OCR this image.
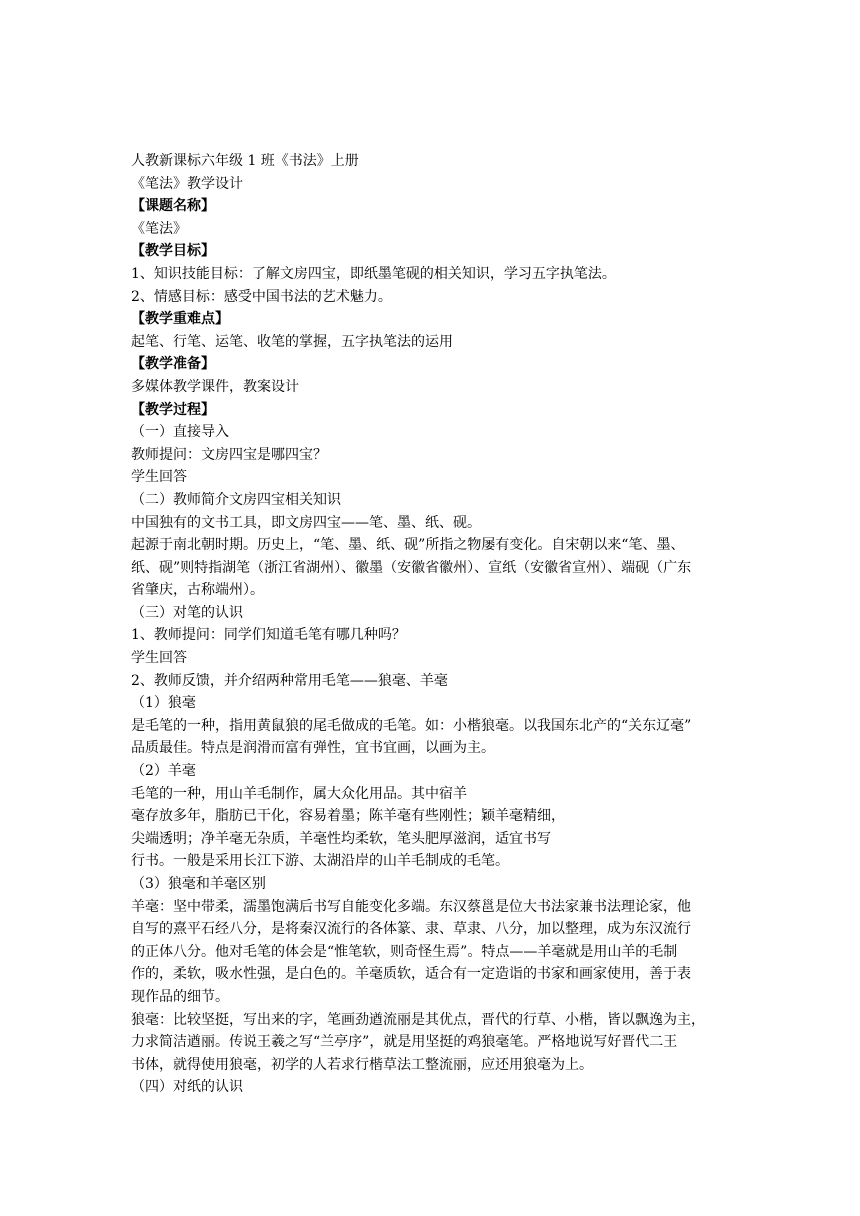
人教新课标六年级 1 班《书法》上册
《笔法》教学设计
【课题名称】
《笔法》
【教学目标】
1、知识技能目标：了解文房四宝，即纸墨笔砚的相关知识，学习五字执笔法。
2、情感目标：感受中国书法的艺术魅力。
【教学重难点】
起笔、行笔、运笔、收笔的掌握，五字执笔法的运用
【教学准备】
多媒体教学课件，教案设计
【教学过程】
（一）直接导入
教师提问：文房四宝是哪四宝？
学生回答
（二）教师简介文房四宝相关知识
中国独有的文书工具，即文房四宝——笔、墨、纸、砚。
起源于南北朝时期。历史上，“笔、墨、纸、砚”所指之物屡有变化。自宋朝以来“笔、墨、
纸、砚”则特指湖笔（浙江省湖州）、徽墨（安徽省徽州）、宣纸（安徽省宣州）、端砚（广东
省肇庆，古称端州）。
（三）对笔的认识
1、教师提问：同学们知道毛笔有哪几种吗？
学生回答
2、教师反馈，并介绍两种常用毛笔——狼毫、羊毫
（1）狼毫
是毛笔的一种，指用黄鼠狼的尾毛做成的毛笔。如：小楷狼毫。以我国东北产的“关东辽毫”
品质最佳。特点是润滑而富有弹性，宜书宜画，以画为主。
（2）羊毫
毛笔的一种，用山羊毛制作，属大众化用品。其中宿羊
毫存放多年，脂肪已干化，容易着墨；陈羊毫有些刚性；颖羊毫精细，
尖端透明；净羊毫无杂质，羊毫性均柔软，笔头肥厚滋润，适宜书写
行书。一般是采用长江下游、太湖沿岸的山羊毛制成的毛笔。
（3）狼毫和羊毫区别
羊毫：坚中带柔，濡墨饱满后书写自能变化多端。东汉蔡邕是位大书法家兼书法理论家，他
自写的熹平石经八分，是将秦汉流行的各体篆、隶、草隶、八分，加以整理，成为东汉流行
的正体八分。他对毛笔的体会是“惟笔软，则奇怪生焉”。特点——羊毫就是用山羊的毛制
作的，柔软，吸水性强，是白色的。羊毫质软，适合有一定造诣的书家和画家使用，善于表
现作品的细节。
狼毫：比较坚挺，写出来的字，笔画劲遒流丽是其优点，晋代的行草、小楷，皆以飘逸为主，
力求简洁遒丽。传说王羲之写“兰亭序”，就是用坚挺的鸡狼毫笔。严格地说写好晋代二王
书体，就得使用狼毫，初学的人若求行楷草法工整流丽，应还用狼毫为上。
（四）对纸的认识
